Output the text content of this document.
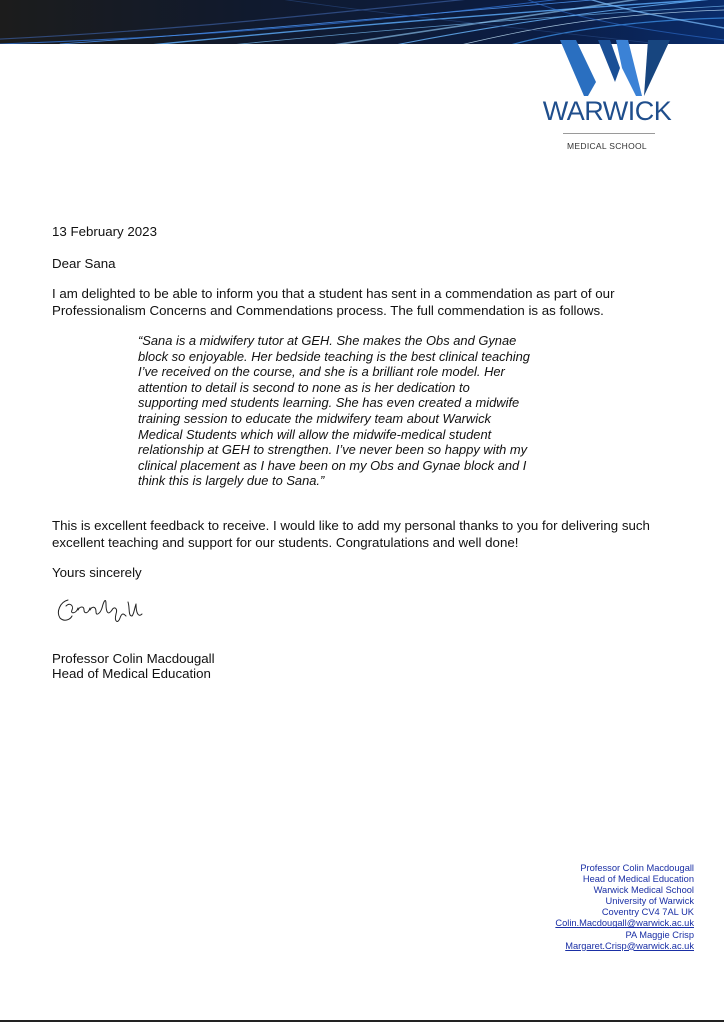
WARWICK
MEDICAL SCHOOL

13 February 2023

Dear Sana

I am delighted to be able to inform you that a student has sent in a commendation as part of our Professionalism Concerns and Commendations process. The full commendation is as follows.

“Sana is a midwifery tutor at GEH. She makes the Obs and Gynae block so enjoyable. Her bedside teaching is the best clinical teaching I’ve received on the course, and she is a brilliant role model. Her attention to detail is second to none as is her dedication to supporting med students learning. She has even created a midwife training session to educate the midwifery team about Warwick Medical Students which will allow the midwife-medical student relationship at GEH to strengthen. I’ve never been so happy with my clinical placement as I have been on my Obs and Gynae block and I think this is largely due to Sana.”

This is excellent feedback to receive. I would like to add my personal thanks to you for delivering such excellent teaching and support for our students. Congratulations and well done!

Yours sincerely

Professor Colin Macdougall

Head of Medical Education

Professor Colin Macdougall
Head of Medical Education
Warwick Medical School
University of Warwick
Coventry CV4 7AL UK
Colin.Macdougall@warwick.ac.uk
PA Maggie Crisp
Margaret.Crisp@warwick.ac.uk
